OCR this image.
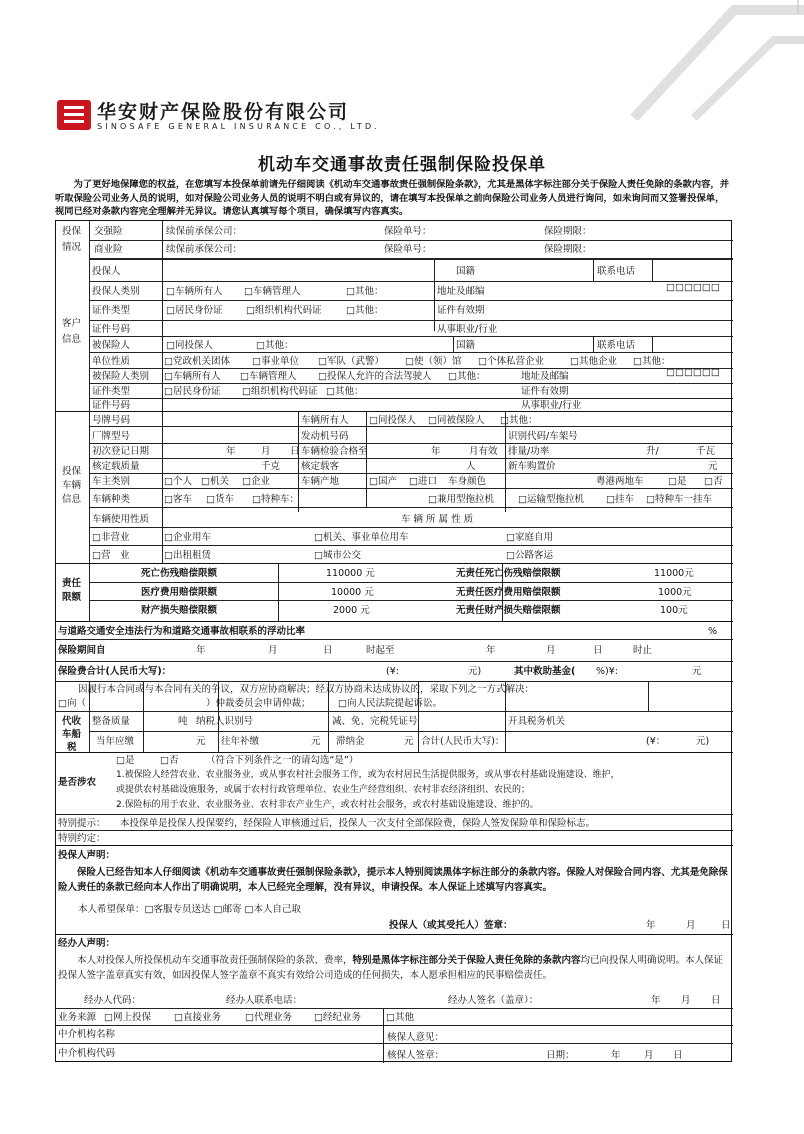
华安财产保险股份有限公司
SINOSAFE GENERAL INSURANCE CO., LTD.
机动车交通事故责任强制保险投保单
为了更好地保障您的权益，在您填写本投保单前请先仔细阅读《机动车交通事故责任强制保险条款》，尤其是黑体字标注部分关于保险人责任免除的条款内容，并听取保险公司业务人员的说明，如对保险公司业务人员的说明不明白或有异议的，请在填写本投保单之前向保险公司业务人员进行询问，如未询问而又签署投保单，视同已经对条款内容完全理解并无异议。请您认真填写每个项目，确保填写内容真实。
投保
情况
交强险	续保前承保公司：	保险单号：	保险期限：
商业险	续保前承保公司：	保险单号：	保险期限：
客户
信息
投保人	国籍	联系电话
投保人类别	□车辆所有人 □车辆管理人	□其他：	地址及邮编	□□□□□□
证件类型	□居民身份证 □组织机构代码证	□其他：	证件有效期
证件号码	从事职业/行业
被保险人	□同投保人	□其他：	国籍	联系电话
单位性质	□党政机关团体 □事业单位 □军队（武警） □使（领）馆 □个体私营企业	□其他企业 □其他：
被保险人类别 □车辆所有人 □车辆管理人 □投保人允许的合法驾驶人 □其他：	地址及邮编	□□□□□□
证件类型	□居民身份证 □组织机构代码证 □其他：	证件有效期
证件号码	从事职业/行业
投保
车辆
信息
号牌号码	车辆所有人 □同投保人 □同被保险人 □其他：
厂牌型号	发动机号码	识别代码/车架号
初次登记日期	年	月 日 车辆检验合格至	年	月有效 排量/功率	升/	千瓦
核定载质量	千克 核定载客	人	新车购置价	元
车主类别	□个人 □机关 □企业	车辆产地	□国产 □进口 车身颜色	粤港两地车	□是 □否
车辆种类	□客车 □货车 □特种车：	□兼用型拖拉机	□运输型拖拉机 □挂车 □特种车一挂车
车辆使用性质	车 辆 所 属 性 质
□非营业	□企业用车	□机关、事业单位用车	□家庭自用
□营　业	□出租租赁	□城市公交	□公路客运
责任
限额
死亡伤残赔偿限额	110000 元	无责任死亡伤残赔偿限额	11000元
医疗费用赔偿限额	10000 元	无责任医疗费用赔偿限额	1000元
财产损失赔偿限额	2000 元	无责任财产损失赔偿限额	100元
与道路交通安全违法行为和道路交通事故相联系的浮动比率	%
保险期间自	年	月	日	时起至	年	月	日	时止
保险费合计(人民币大写)：	(¥:	元)	其中救助基金( %)¥:	元
因履行本合同或与本合同有关的争议，双方应协商解决；经双方协商未达成协议的，采取下列之一方式解决：
□向（	）仲裁委员会申请仲裁；	□向人民法院提起诉讼。
代收
车船
税
整备质量	吨 纳税人识别号	减、免、完税凭证号	开具税务机关
当年应缴	元 往年补缴	元 滞纳金	元 合计(人民币大写)：	(¥：	元)
是否涉农
□是	□否	（符合下列条件之一的请勾选“是”）
1.被保险人经营农业、农业服务业，或从事农村社会服务工作，或为农村居民生活提供服务，或从事农村基础设施建设、维护，
或提供农村基础设施服务，或属于农村行政管理单位、农业生产经营组织、农村非农经济组织、农民的；
2.保险标的用于农业、农业服务业、农村非农产业生产，或农村社会服务，或农村基础设施建设、维护的。
特别提示： 本投保单是投保人投保要约，经保险人审核通过后，投保人一次支付全部保险费，保险人签发保险单和保险标志。
特别约定：
投保人声明：
保险人已经告知本人仔细阅读《机动车交通事故责任强制保险条款》，提示本人特别阅读黑体字标注部分的条款内容。保险人对保险合同内容、尤其是免除保险人责任的条款已经向本人作出了明确说明，本人已经完全理解，没有异议，申请投保。本人保证上述填写内容真实。
本人希望保单：□客服专员送达 □邮寄 □本人自己取
投保人（或其受托人）签章：	年	月	日
经办人声明：
本人对投保人所投保机动车交通事故责任强制保险的条款、费率，特别是黑体字标注部分关于保险人责任免除的条款内容均已向投保人明确说明。本人保证投保人签字盖章真实有效，如因投保人签字盖章不真实有效给公司造成的任何损失，本人愿承担相应的民事赔偿责任。
经办人代码：	经办人联系电话：	经办人签名（盖章）：	年 月 日
业务来源 □网上投保 □直接业务	□代理业务 □经纪业务	□其他
中介机构名称	核保人意见：
中介机构代码	核保人签章：	日期：	年 月 日
